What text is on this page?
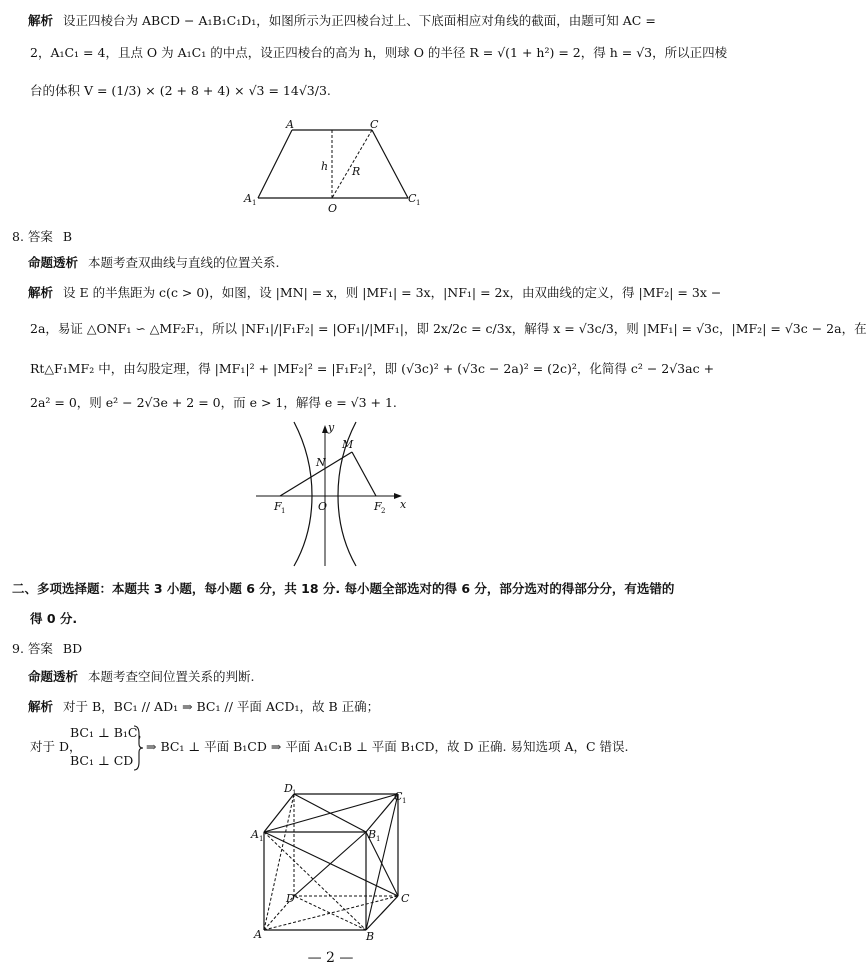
解析 设正四棱台为 ABCD − A₁B₁C₁D₁，如图所示为正四棱台过上、下底面相应对角线的截面，由题可知 AC =
2，A₁C₁ = 4，且点 O 为 A₁C₁ 的中点，设正四棱台的高为 h，则球 O 的半径 R = √(1 + h²) = 2，得 h = √3，所以正四棱
台的体积 V = (1/3) × (2 + 8 + 4) × √3 = 14√3/3.
A	C
A 1	C 1
O
h R
8. 答案 B
命题透析 本题考查双曲线与直线的位置关系.
解析 设 E 的半焦距为 c(c > 0)，如图，设 |MN| = x，则 |MF₁| = 3x，|NF₁| = 2x，由双曲线的定义，得 |MF₂| = 3x −
2a，易证 △ONF₁ ∽ △MF₂F₁，所以 |NF₁|/|F₁F₂| = |OF₁|/|MF₁|，即 2x/2c = c/3x，解得 x = √3c/3，则 |MF₁| = √3c，|MF₂| = √3c − 2a，在
Rt△F₁MF₂ 中，由勾股定理，得 |MF₁|² + |MF₂|² = |F₁F₂|²，即 (√3c)² + (√3c − 2a)² = (2c)²，化简得 c² − 2√3ac +
2a² = 0，则 e² − 2√3e + 2 = 0，而 e > 1，解得 e = √3 + 1.
y
x
M
N
O
F 1	F 2
二、多项选择题：本题共 3 小题，每小题 6 分，共 18 分. 每小题全部选对的得 6 分，部分选对的得部分分，有选错的
得 0 分.
9. 答案 BD
命题透析 本题考查空间位置关系的判断.
解析 对于 B，BC₁ // AD₁ ⇒ BC₁ // 平面 ACD₁，故 B 正确；
对于 D，
BC₁ ⊥ B₁C，
BC₁ ⊥ CD
⇒ BC₁ ⊥ 平面 B₁CD ⇒ 平面 A₁C₁B ⊥ 平面 B₁CD，故 D 正确. 易知选项 A，C 错误.
D 1	C 1
A 1	B 1
D	C
A	B
— 2 —
